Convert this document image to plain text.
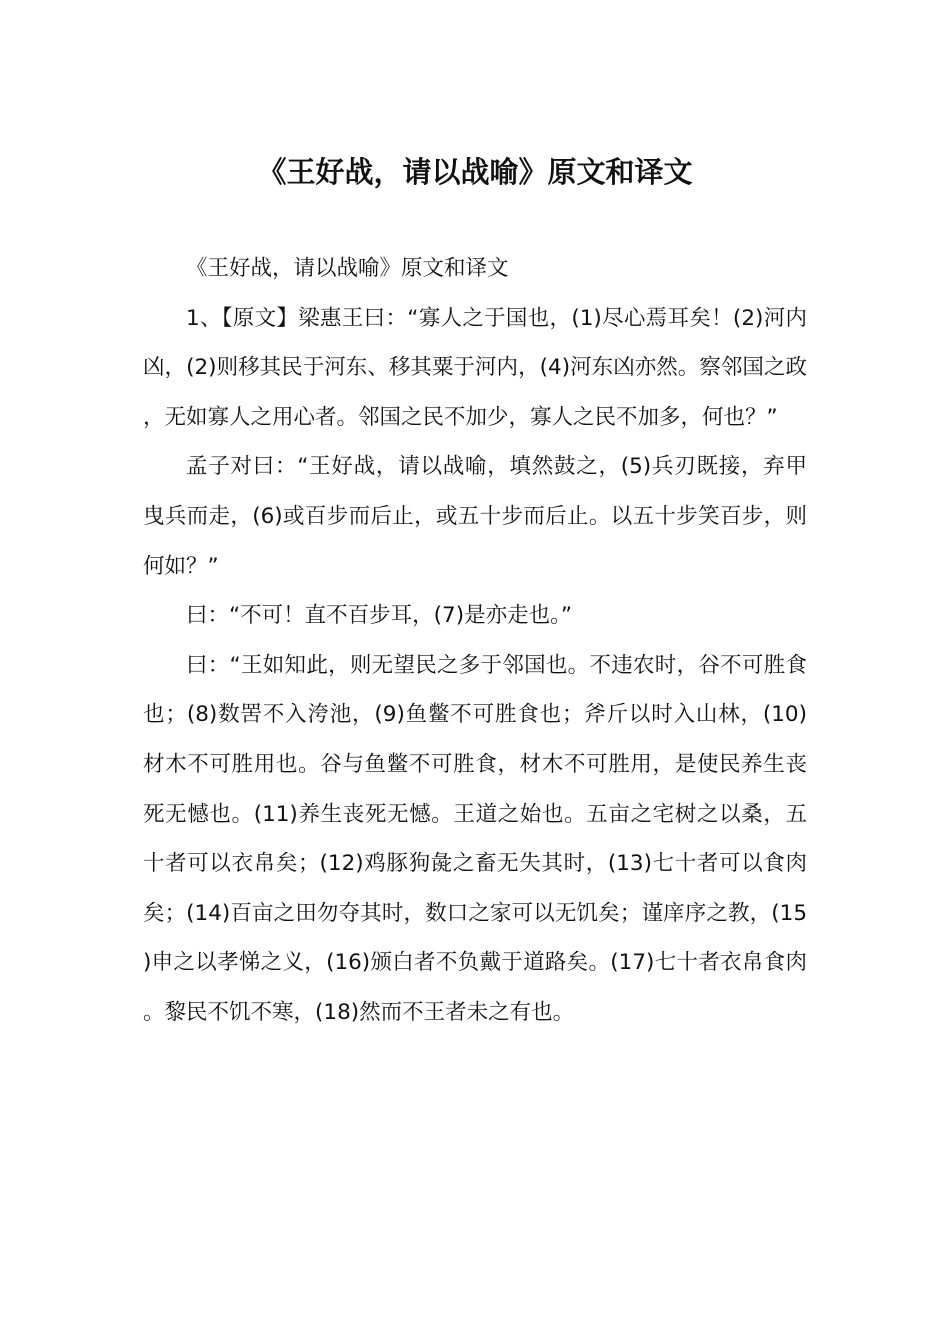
《王好战，请以战喻》原文和译文

《王好战，请以战喻》原文和译文

1、【原文】梁惠王曰：“寡人之于国也，(1)尽心焉耳矣！(2)河内凶，(2)则移其民于河东、移其粟于河内，(4)河东凶亦然。察邻国之政，无如寡人之用心者。邻国之民不加少，寡人之民不加多，何也？”

孟子对曰：“王好战，请以战喻，填然鼓之，(5)兵刃既接，弃甲曳兵而走，(6)或百步而后止，或五十步而后止。以五十步笑百步，则何如？”

曰：“不可！直不百步耳，(7)是亦走也。”

曰：“王如知此，则无望民之多于邻国也。不违农时，谷不可胜食也；(8)数罟不入洿池，(9)鱼鳖不可胜食也；斧斤以时入山林，(10)材木不可胜用也。谷与鱼鳖不可胜食，材木不可胜用，是使民养生丧死无憾也。(11)养生丧死无憾。王道之始也。五亩之宅树之以桑，五十者可以衣帛矣；(12)鸡豚狗彘之畜无失其时，(13)七十者可以食肉矣；(14)百亩之田勿夺其时，数口之家可以无饥矣；谨庠序之教，(15)申之以孝悌之义，(16)颁白者不负戴于道路矣。(17)七十者衣帛食肉。黎民不饥不寒，(18)然而不王者未之有也。
